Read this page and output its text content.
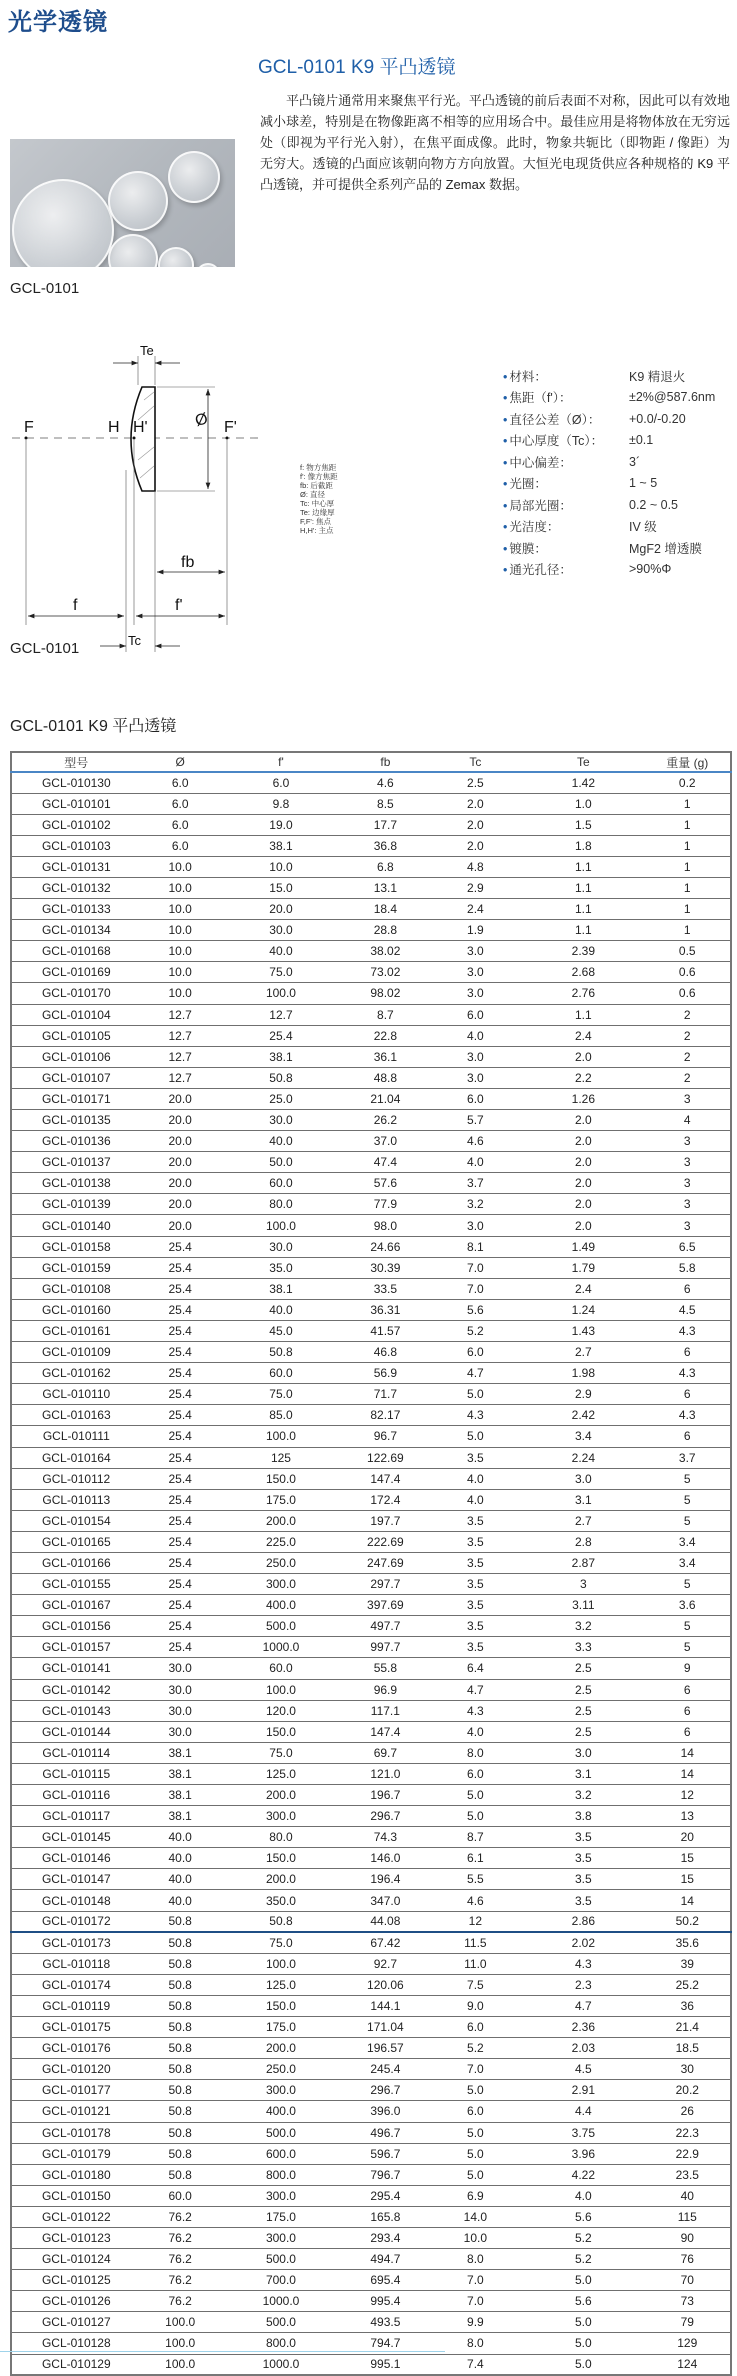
光学透镜
GCL-0101 K9 平凸透镜
平凸镜片通常用来聚焦平行光。平凸透镜的前后表面不对称，因此可以有效地减小球差，特别是在物像距离不相等的应用场合中。最佳应用是将物体放在无穷远处（即视为平行光入射），在焦平面成像。此时，物象共轭比（即物距 / 像距）为无穷大。透镜的凸面应该朝向物方方向放置。大恒光电现货供应各种规格的 K9 平凸透镜，并可提供全系列产品的 Zemax 数据。
GCL-0101
Te
Ø
F	H H'	F'
fb
f	f'
Tc
f: 物方焦距
f': 像方焦距
fb: 后截距
Ø: 直径
Tc: 中心厚
Te: 边缘厚
F,F': 焦点
H,H': 主点
• 材料：	K9 精退火
• 焦距（f'）：	±2%@587.6nm
• 直径公差（Ø）：	+0.0/-0.20
• 中心厚度（Tc）：	±0.1
• 中心偏差：	3´
• 光圈：	1 ~ 5
• 局部光圈：	0.2 ~ 0.5
• 光洁度：	IV 级
• 镀膜：	MgF2 增透膜
• 通光孔径：	>90%Φ
GCL-0101
GCL-0101 K9 平凸透镜
型号	Ø	f'	fb	Tc	Te	重量 (g)
GCL-010130	6.0	6.0	4.6	2.5	1.42	0.2
GCL-010101	6.0	9.8	8.5	2.0	1.0	1
GCL-010102	6.0	19.0	17.7	2.0	1.5	1
GCL-010103	6.0	38.1	36.8	2.0	1.8	1
GCL-010131	10.0	10.0	6.8	4.8	1.1	1
GCL-010132	10.0	15.0	13.1	2.9	1.1	1
GCL-010133	10.0	20.0	18.4	2.4	1.1	1
GCL-010134	10.0	30.0	28.8	1.9	1.1	1
GCL-010168	10.0	40.0	38.02	3.0	2.39	0.5
GCL-010169	10.0	75.0	73.02	3.0	2.68	0.6
GCL-010170	10.0	100.0	98.02	3.0	2.76	0.6
GCL-010104	12.7	12.7	8.7	6.0	1.1	2
GCL-010105	12.7	25.4	22.8	4.0	2.4	2
GCL-010106	12.7	38.1	36.1	3.0	2.0	2
GCL-010107	12.7	50.8	48.8	3.0	2.2	2
GCL-010171	20.0	25.0	21.04	6.0	1.26	3
GCL-010135	20.0	30.0	26.2	5.7	2.0	4
GCL-010136	20.0	40.0	37.0	4.6	2.0	3
GCL-010137	20.0	50.0	47.4	4.0	2.0	3
GCL-010138	20.0	60.0	57.6	3.7	2.0	3
GCL-010139	20.0	80.0	77.9	3.2	2.0	3
GCL-010140	20.0	100.0	98.0	3.0	2.0	3
GCL-010158	25.4	30.0	24.66	8.1	1.49	6.5
GCL-010159	25.4	35.0	30.39	7.0	1.79	5.8
GCL-010108	25.4	38.1	33.5	7.0	2.4	6
GCL-010160	25.4	40.0	36.31	5.6	1.24	4.5
GCL-010161	25.4	45.0	41.57	5.2	1.43	4.3
GCL-010109	25.4	50.8	46.8	6.0	2.7	6
GCL-010162	25.4	60.0	56.9	4.7	1.98	4.3
GCL-010110	25.4	75.0	71.7	5.0	2.9	6
GCL-010163	25.4	85.0	82.17	4.3	2.42	4.3
GCL-010111	25.4	100.0	96.7	5.0	3.4	6
GCL-010164	25.4	125	122.69	3.5	2.24	3.7
GCL-010112	25.4	150.0	147.4	4.0	3.0	5
GCL-010113	25.4	175.0	172.4	4.0	3.1	5
GCL-010154	25.4	200.0	197.7	3.5	2.7	5
GCL-010165	25.4	225.0	222.69	3.5	2.8	3.4
GCL-010166	25.4	250.0	247.69	3.5	2.87	3.4
GCL-010155	25.4	300.0	297.7	3.5	3	5
GCL-010167	25.4	400.0	397.69	3.5	3.11	3.6
GCL-010156	25.4	500.0	497.7	3.5	3.2	5
GCL-010157	25.4	1000.0	997.7	3.5	3.3	5
GCL-010141	30.0	60.0	55.8	6.4	2.5	9
GCL-010142	30.0	100.0	96.9	4.7	2.5	6
GCL-010143	30.0	120.0	117.1	4.3	2.5	6
GCL-010144	30.0	150.0	147.4	4.0	2.5	6
GCL-010114	38.1	75.0	69.7	8.0	3.0	14
GCL-010115	38.1	125.0	121.0	6.0	3.1	14
GCL-010116	38.1	200.0	196.7	5.0	3.2	12
GCL-010117	38.1	300.0	296.7	5.0	3.8	13
GCL-010145	40.0	80.0	74.3	8.7	3.5	20
GCL-010146	40.0	150.0	146.0	6.1	3.5	15
GCL-010147	40.0	200.0	196.4	5.5	3.5	15
GCL-010148	40.0	350.0	347.0	4.6	3.5	14
GCL-010172	50.8	50.8	44.08	12	2.86	50.2
GCL-010173	50.8	75.0	67.42	11.5	2.02	35.6
GCL-010118	50.8	100.0	92.7	11.0	4.3	39
GCL-010174	50.8	125.0	120.06	7.5	2.3	25.2
GCL-010119	50.8	150.0	144.1	9.0	4.7	36
GCL-010175	50.8	175.0	171.04	6.0	2.36	21.4
GCL-010176	50.8	200.0	196.57	5.2	2.03	18.5
GCL-010120	50.8	250.0	245.4	7.0	4.5	30
GCL-010177	50.8	300.0	296.7	5.0	2.91	20.2
GCL-010121	50.8	400.0	396.0	6.0	4.4	26
GCL-010178	50.8	500.0	496.7	5.0	3.75	22.3
GCL-010179	50.8	600.0	596.7	5.0	3.96	22.9
GCL-010180	50.8	800.0	796.7	5.0	4.22	23.5
GCL-010150	60.0	300.0	295.4	6.9	4.0	40
GCL-010122	76.2	175.0	165.8	14.0	5.6	115
GCL-010123	76.2	300.0	293.4	10.0	5.2	90
GCL-010124	76.2	500.0	494.7	8.0	5.2	76
GCL-010125	76.2	700.0	695.4	7.0	5.0	70
GCL-010126	76.2	1000.0	995.4	7.0	5.6	73
GCL-010127	100.0	500.0	493.5	9.9	5.0	79
GCL-010128	100.0	800.0	794.7	8.0	5.0	129
GCL-010129	100.0	1000.0	995.1	7.4	5.0	124
